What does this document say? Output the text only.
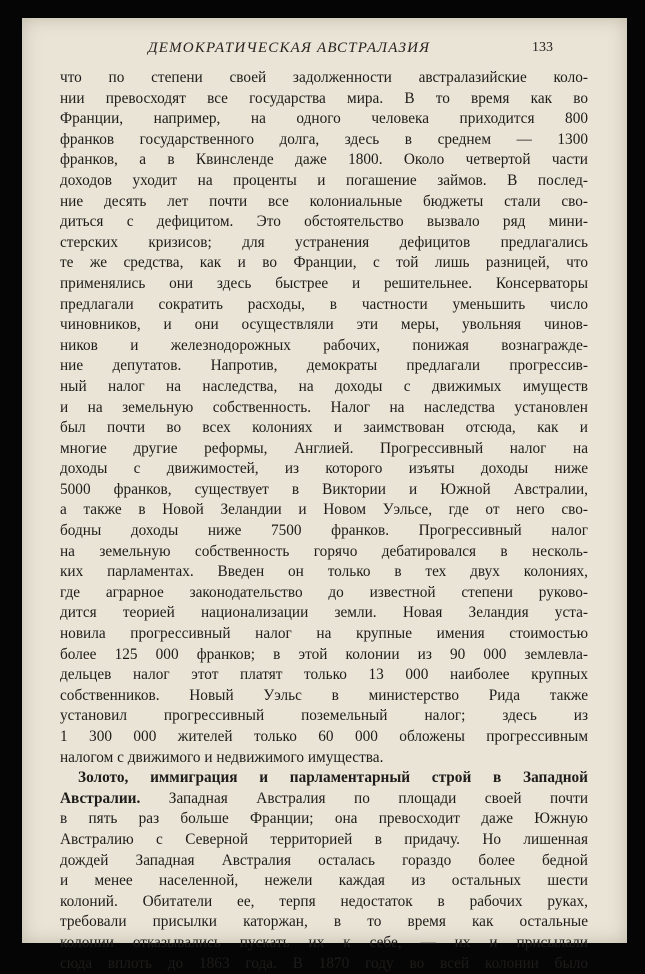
ДЕМОКРАТИЧЕСКАЯ АВСТРАЛАЗИЯ	133
что по степени своей задолженности австралазийские коло-
нии превосходят все государства мира. В то время как во
Франции, например, на одного человека приходится 800
франков государственного долга, здесь в среднем — 1300
франков, а в Квинсленде даже 1800. Около четвертой части
доходов уходит на проценты и погашение займов. В послед-
ние десять лет почти все колониальные бюджеты стали сво-
диться с дефицитом. Это обстоятельство вызвало ряд мини-
стерских кризисов; для устранения дефицитов предлагались
те же средства, как и во Франции, с той лишь разницей, что
применялись они здесь быстрее и решительнее. Консерваторы
предлагали сократить расходы, в частности уменьшить число
чиновников, и они осуществляли эти меры, увольняя чинов-
ников и железнодорожных рабочих, понижая вознагражде-
ние депутатов. Напротив, демократы предлагали прогрессив-
ный налог на наследства, на доходы с движимых имуществ
и на земельную собственность. Налог на наследства установлен
был почти во всех колониях и заимствован отсюда, как и
многие другие реформы, Англией. Прогрессивный налог на
доходы с движимостей, из которого изъяты доходы ниже
5000 франков, существует в Виктории и Южной Австралии,
а также в Новой Зеландии и Новом Уэльсе, где от него сво-
бодны доходы ниже 7500 франков. Прогрессивный налог
на земельную собственность горячо дебатировался в несколь-
ких парламентах. Введен он только в тех двух колониях,
где аграрное законодательство до известной степени руково-
дится теорией национализации земли. Новая Зеландия уста-
новила прогрессивный налог на крупные имения стоимостью
более 125 000 франков; в этой колонии из 90 000 землевла-
дельцев налог этот платят только 13 000 наиболее крупных
собственников. Новый Уэльс в министерство Рида также
установил прогрессивный поземельный налог; здесь из
1 300 000 жителей только 60 000 обложены прогрессивным
налогом с движимого и недвижимого имущества.
Золото, иммиграция и парламентарный строй в Западной
Австралии. Западная Австралия по площади своей почти
в пять раз больше Франции; она превосходит даже Южную
Австралию с Северной территорией в придачу. Но лишенная
дождей Западная Австралия осталась гораздо более бедной
и менее населенной, нежели каждая из остальных шести
колоний. Обитатели ее, терпя недостаток в рабочих руках,
требовали присылки каторжан, в то время как остальные
колонии отказывались пускать их к себе, — их и присылали
сюда вплоть до 1863 года. В 1870 году во всей колонии было
